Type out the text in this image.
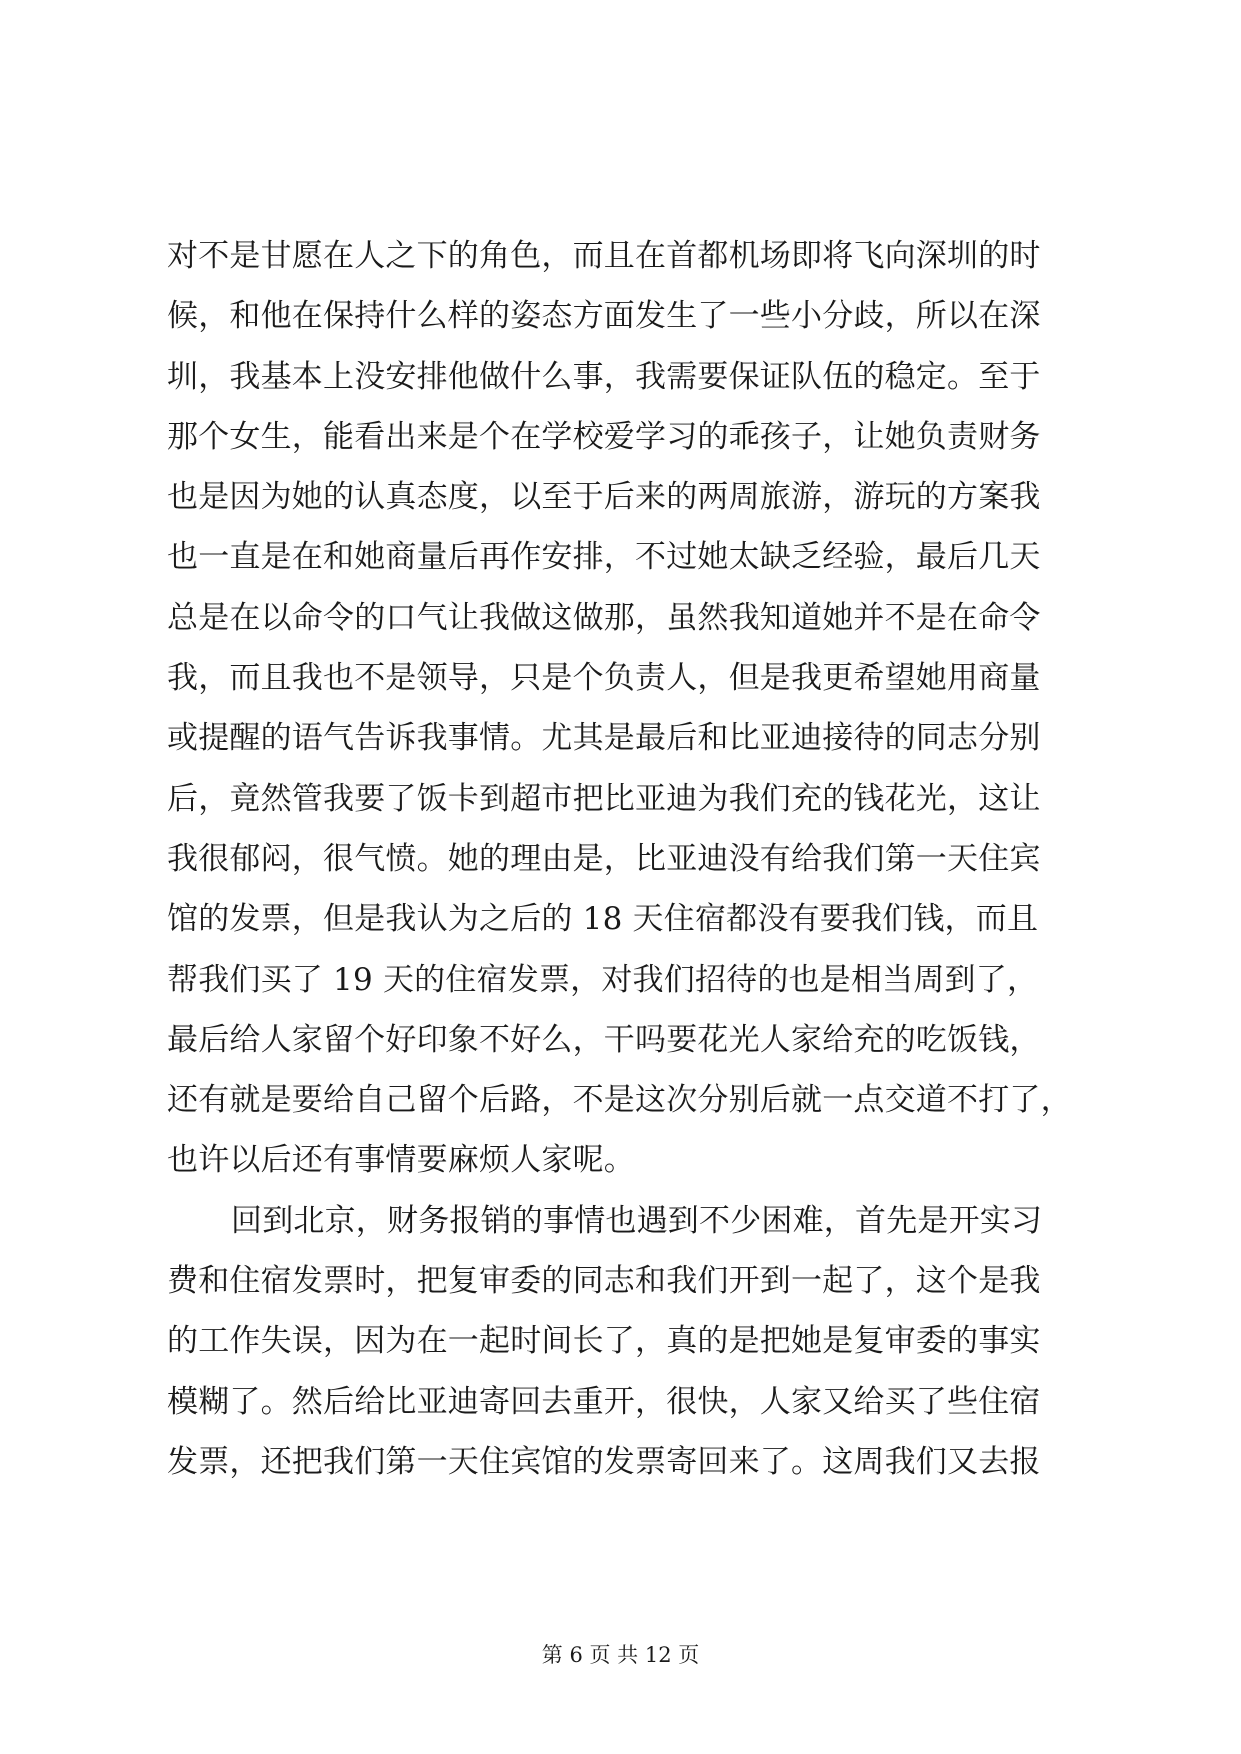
对不是甘愿在人之下的角色，而且在首都机场即将飞向深圳的时
候，和他在保持什么样的姿态方面发生了一些小分歧，所以在深
圳，我基本上没安排他做什么事，我需要保证队伍的稳定。至于
那个女生，能看出来是个在学校爱学习的乖孩子，让她负责财务
也是因为她的认真态度，以至于后来的两周旅游，游玩的方案我
也一直是在和她商量后再作安排，不过她太缺乏经验，最后几天
总是在以命令的口气让我做这做那，虽然我知道她并不是在命令
我，而且我也不是领导，只是个负责人，但是我更希望她用商量
或提醒的语气告诉我事情。尤其是最后和比亚迪接待的同志分别
后，竟然管我要了饭卡到超市把比亚迪为我们充的钱花光，这让
我很郁闷，很气愤。她的理由是，比亚迪没有给我们第一天住宾
馆的发票，但是我认为之后的 18 天住宿都没有要我们钱，而且
帮我们买了 19 天的住宿发票，对我们招待的也是相当周到了，
最后给人家留个好印象不好么，干吗要花光人家给充的吃饭钱，
还有就是要给自己留个后路，不是这次分别后就一点交道不打了，
也许以后还有事情要麻烦人家呢。
回到北京，财务报销的事情也遇到不少困难，首先是开实习
费和住宿发票时，把复审委的同志和我们开到一起了，这个是我
的工作失误，因为在一起时间长了，真的是把她是复审委的事实
模糊了。然后给比亚迪寄回去重开，很快，人家又给买了些住宿
发票，还把我们第一天住宾馆的发票寄回来了。这周我们又去报
第 6 页 共 12 页
